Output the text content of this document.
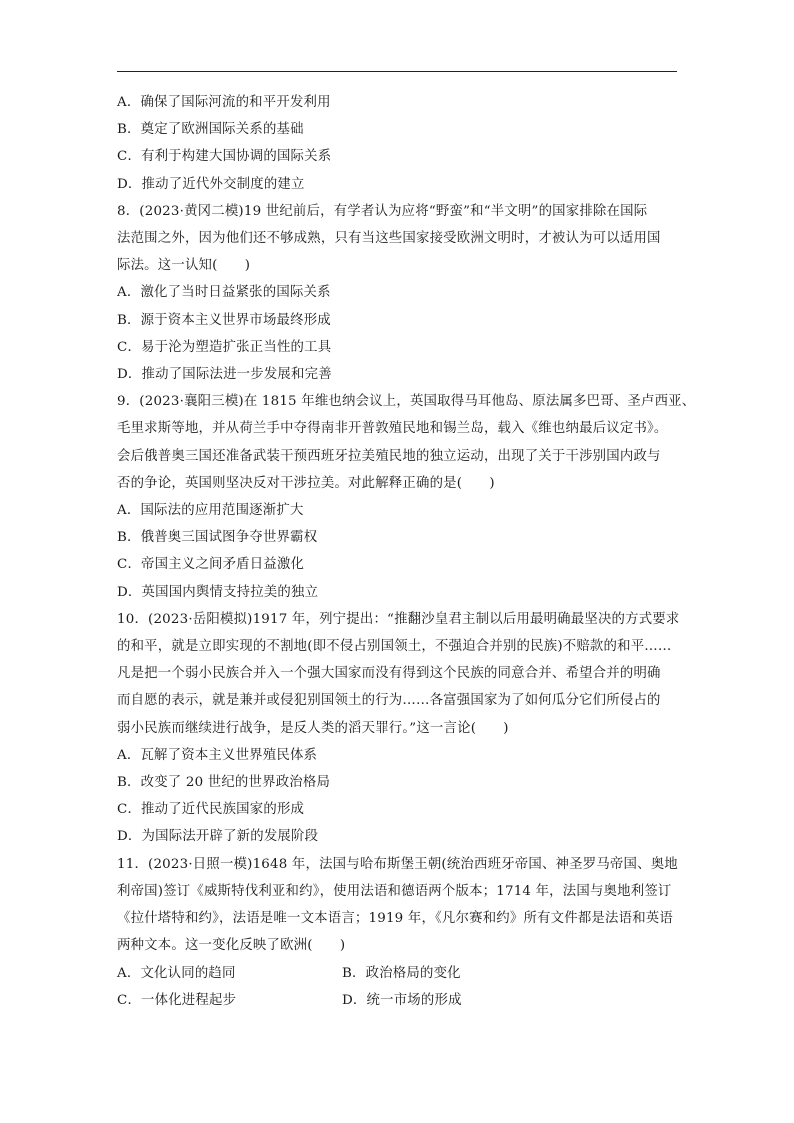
A．确保了国际河流的和平开发利用
B．奠定了欧洲国际关系的基础
C．有利于构建大国协调的国际关系
D．推动了近代外交制度的建立
8．(2023·黄冈二模)19 世纪前后，有学者认为应将“野蛮”和“半文明”的国家排除在国际
法范围之外，因为他们还不够成熟，只有当这些国家接受欧洲文明时，才被认为可以适用国
际法。这一认知(　　)
A．激化了当时日益紧张的国际关系
B．源于资本主义世界市场最终形成
C．易于沦为塑造扩张正当性的工具
D．推动了国际法进一步发展和完善
9．(2023·襄阳三模)在 1815 年维也纳会议上，英国取得马耳他岛、原法属多巴哥、圣卢西亚、
毛里求斯等地，并从荷兰手中夺得南非开普敦殖民地和锡兰岛，载入《维也纳最后议定书》。
会后俄普奥三国还准备武装干预西班牙拉美殖民地的独立运动，出现了关于干涉别国内政与
否的争论，英国则坚决反对干涉拉美。对此解释正确的是(　　)
A．国际法的应用范围逐渐扩大
B．俄普奥三国试图争夺世界霸权
C．帝国主义之间矛盾日益激化
D．英国国内舆情支持拉美的独立
10．(2023·岳阳模拟)1917 年，列宁提出：“推翻沙皇君主制以后用最明确最坚决的方式要求
的和平，就是立即实现的不割地(即不侵占别国领土，不强迫合并别的民族)不赔款的和平……
凡是把一个弱小民族合并入一个强大国家而没有得到这个民族的同意合并、希望合并的明确
而自愿的表示，就是兼并或侵犯别国领土的行为……各富强国家为了如何瓜分它们所侵占的
弱小民族而继续进行战争，是反人类的滔天罪行。”这一言论(　　)
A．瓦解了资本主义世界殖民体系
B．改变了 20 世纪的世界政治格局
C．推动了近代民族国家的形成
D．为国际法开辟了新的发展阶段
11．(2023·日照一模)1648 年，法国与哈布斯堡王朝(统治西班牙帝国、神圣罗马帝国、奥地
利帝国)签订《威斯特伐利亚和约》，使用法语和德语两个版本；1714 年，法国与奥地利签订
《拉什塔特和约》，法语是唯一文本语言；1919 年，《凡尔赛和约》所有文件都是法语和英语
两种文本。这一变化反映了欧洲(　　)
A．文化认同的趋同	B．政治格局的变化
C．一体化进程起步	D．统一市场的形成
